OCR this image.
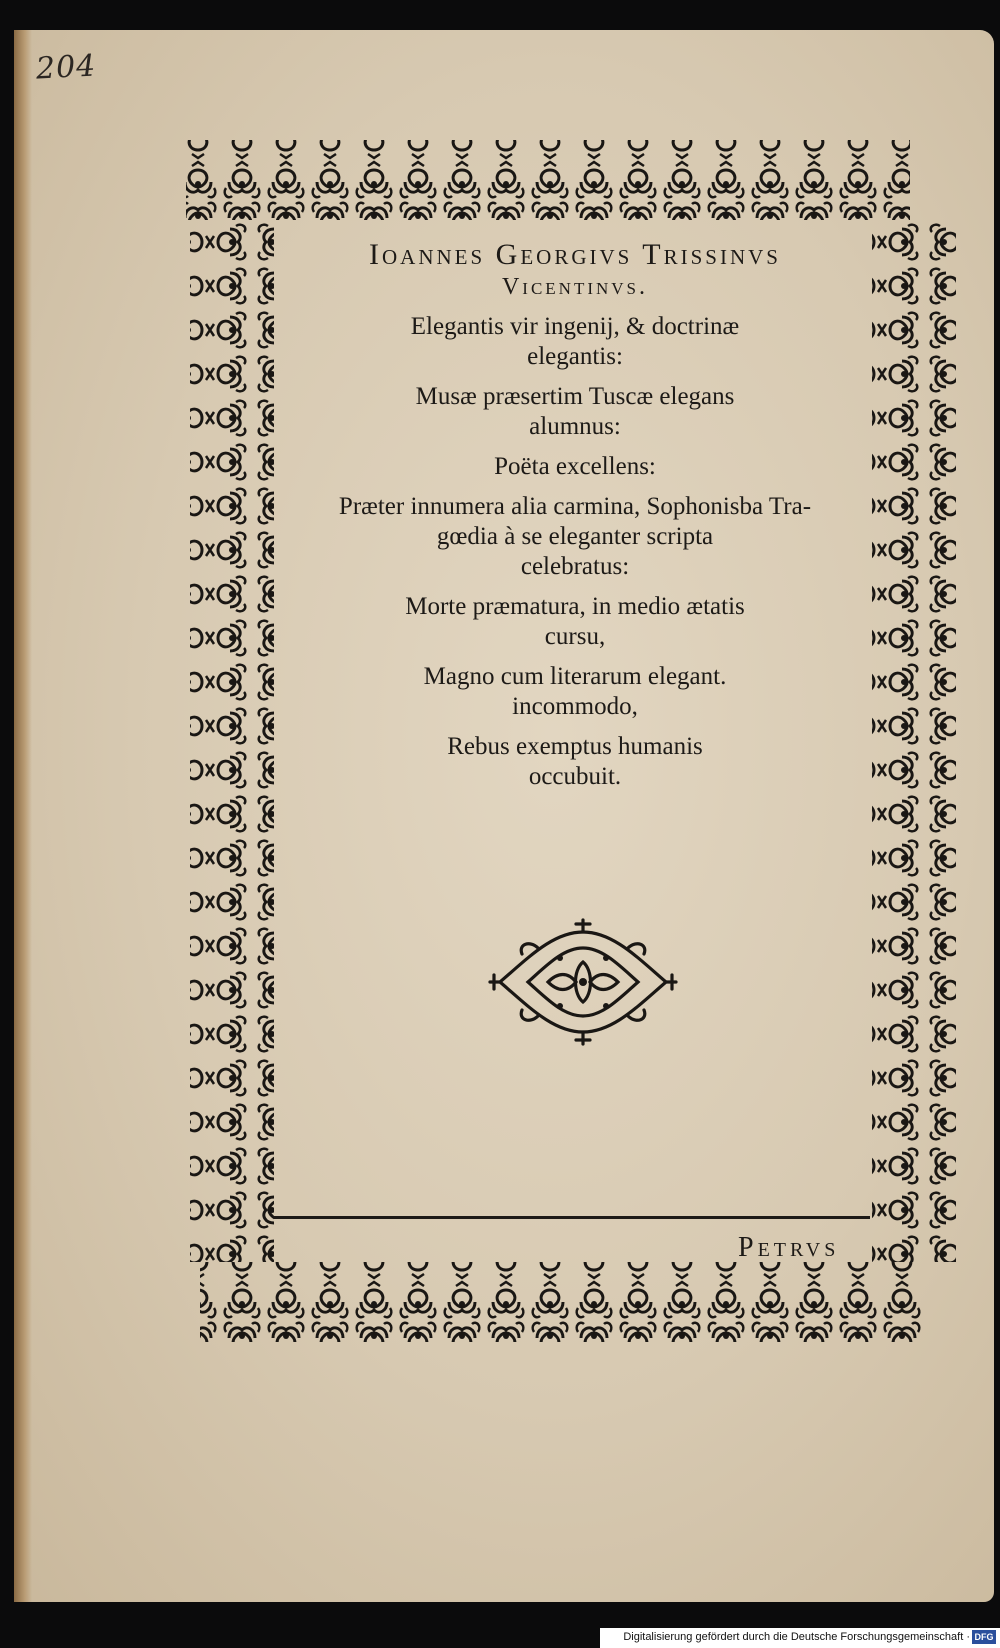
204

Ioannes Georgivs Trissinvs

Vicentinvs.

Elegantis vir ingenij, & doctrinæ
elegantis:

Musæ præsertim Tuscæ elegans
alumnus:

Poëta excellens:

Præter innumera alia carmina, Sophonisba Tra-
gœdia à se eleganter scripta
celebratus:

Morte præmatura, in medio ætatis
cursu,

Magno cum literarum elegant.
incommodo,

Rebus exemptus humanis
occubuit.

Petrvs
Digitalisierung gefördert durch die Deutsche Forschungsgemeinschaft · DFG
